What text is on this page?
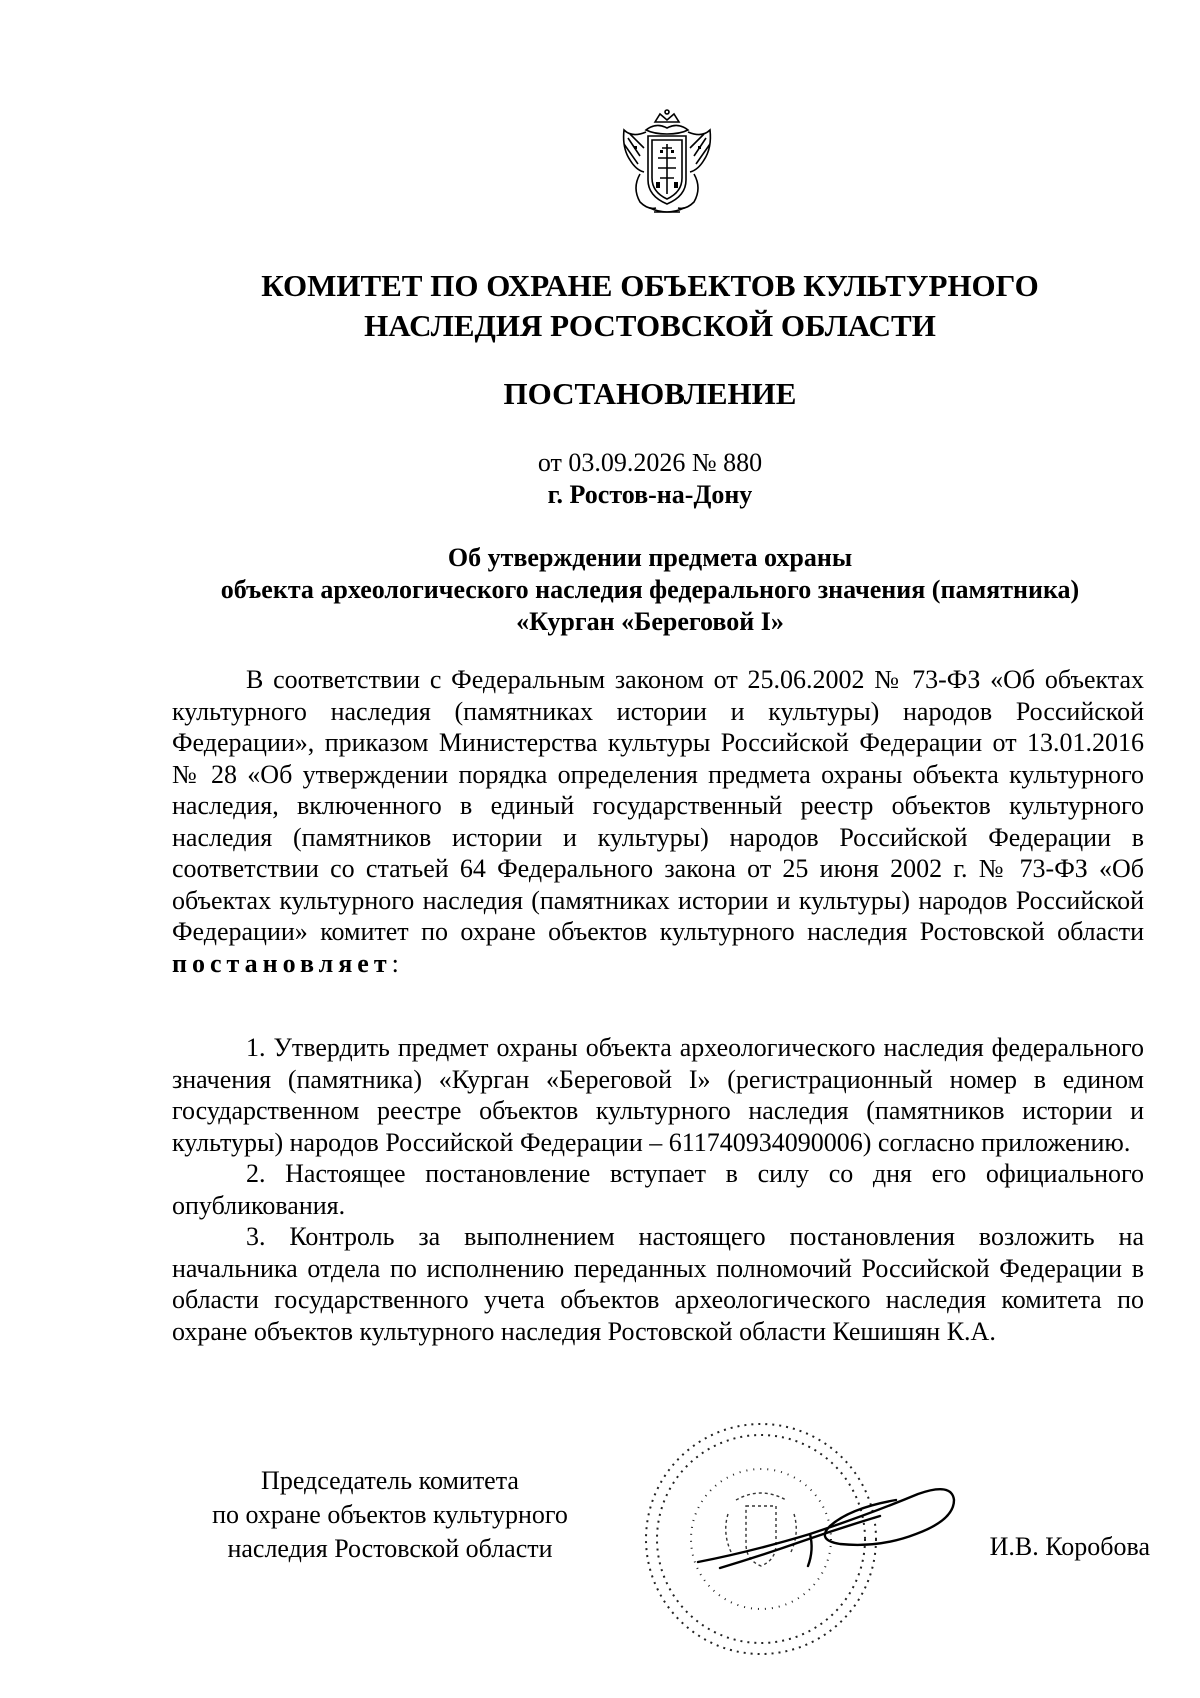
КОМИТЕТ ПО ОХРАНЕ ОБЪЕКТОВ КУЛЬТУРНОГО
НАСЛЕДИЯ РОСТОВСКОЙ ОБЛАСТИ
ПОСТАНОВЛЕНИЕ
от 03.09.2026 № 880
г. Ростов-на-Дону
Об утверждении предмета охраны
объекта археологического наследия федерального значения (памятника)
«Курган «Береговой I»

В соответствии с Федеральным законом от 25.06.2002 № 73-ФЗ «Об объектах культурного наследия (памятниках истории и культуры) народов Российской Федерации», приказом Министерства культуры Российской Федерации от 13.01.2016 № 28 «Об утверждении порядка определения предмета охраны объекта культурного наследия, включенного в единый государственный реестр объектов культурного наследия (памятников истории и культуры) народов Российской Федерации в соответствии со статьей 64 Федерального закона от 25 июня 2002 г. № 73-ФЗ «Об объектах культурного наследия (памятниках истории и культуры) народов Российской Федерации» комитет по охране объектов культурного наследия Ростовской области постановляет:

1. Утвердить предмет охраны объекта археологического наследия федерального значения (памятника) «Курган «Береговой I» (регистрационный номер в едином государственном реестре объектов культурного наследия (памятников истории и культуры) народов Российской Федерации – 611740934090006) согласно приложению.

2. Настоящее постановление вступает в силу со дня его официального опубликования.

3. Контроль за выполнением настоящего постановления возложить на начальника отдела по исполнению переданных полномочий Российской Федерации в области государственного учета объектов археологического наследия комитета по охране объектов культурного наследия Ростовской области Кешишян К.А.

Председатель комитета
по охране объектов культурного
наследия Ростовской области	И.В. Коробова
